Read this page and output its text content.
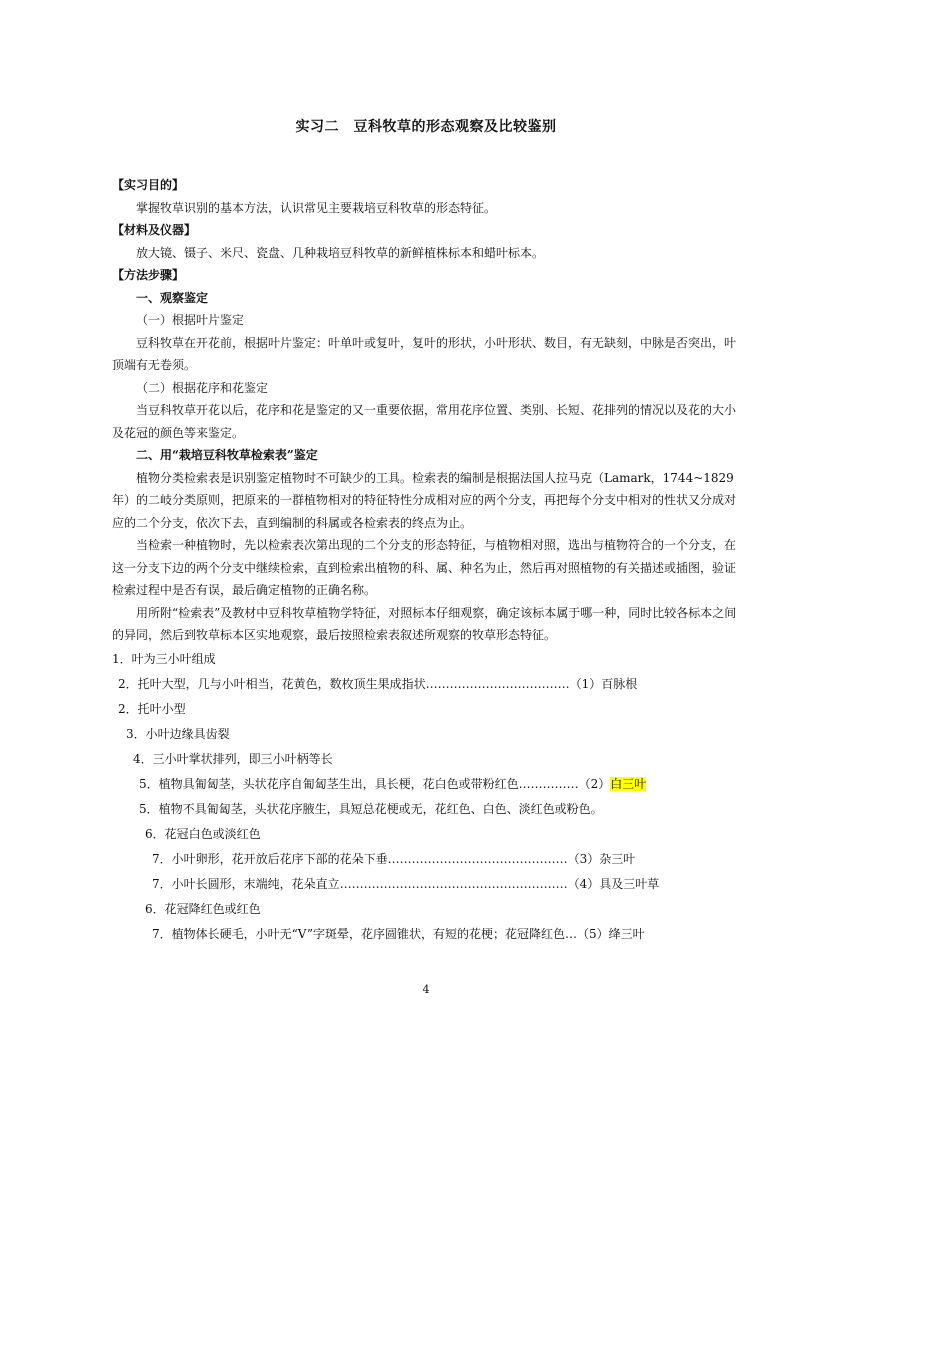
实习二　豆科牧草的形态观察及比较鉴别

【实习目的】

掌握牧草识别的基本方法，认识常见主要栽培豆科牧草的形态特征。

【材料及仪器】

放大镜、镊子、米尺、瓷盘、几种栽培豆科牧草的新鲜植株标本和蜡叶标本。

【方法步骤】

一、观察鉴定

（一）根据叶片鉴定

豆科牧草在开花前，根据叶片鉴定：叶单叶或复叶，复叶的形状，小叶形状、数目，有无缺刻，中脉是否突出，叶顶端有无卷须。

（二）根据花序和花鉴定

当豆科牧草开花以后，花序和花是鉴定的又一重要依据，常用花序位置、类别、长短、花排列的情况以及花的大小及花冠的颜色等来鉴定。

二、用“栽培豆科牧草检索表”鉴定

植物分类检索表是识别鉴定植物时不可缺少的工具。检索表的编制是根据法国人拉马克（Lamark，1744~1829 年）的二岐分类原则，把原来的一群植物相对的特征特性分成相对应的两个分支，再把每个分支中相对的性状又分成对应的二个分支，依次下去，直到编制的科属或各检索表的终点为止。

当检索一种植物时，先以检索表次第出现的二个分支的形态特征，与植物相对照，选出与植物符合的一个分支，在这一分支下边的两个分支中继续检索，直到检索出植物的科、属、种名为止，然后再对照植物的有关描述或插图，验证检索过程中是否有误，最后确定植物的正确名称。

用所附“检索表”及教材中豆科牧草植物学特征，对照标本仔细观察，确定该标本属于哪一种，同时比较各标本之间的异同，然后到牧草标本区实地观察，最后按照检索表叙述所观察的牧草形态特征。

1．叶为三小叶组成

2．托叶大型，几与小叶相当，花黄色，数枚顶生果成指状………………………………（1）百脉根

2．托叶小型

3．小叶边缘具齿裂

4．三小叶掌状排列，即三小叶柄等长

5．植物具匍匐茎，头状花序自匍匐茎生出，具长梗，花白色或带粉红色……………（2）白三叶

5．植物不具匍匐茎，头状花序腋生，具短总花梗或无，花红色、白色、淡红色或粉色。

6．花冠白色或淡红色

7．小叶卵形，花开放后花序下部的花朵下垂………………………………………（3）杂三叶

7．小叶长圆形，末端纯，花朵直立…………………………………………………（4）具及三叶草

6．花冠降红色或红色

7．植物体长硬毛，小叶无“V”字斑晕，花序圆锥状，有短的花梗；花冠降红色…（5）绛三叶

4
